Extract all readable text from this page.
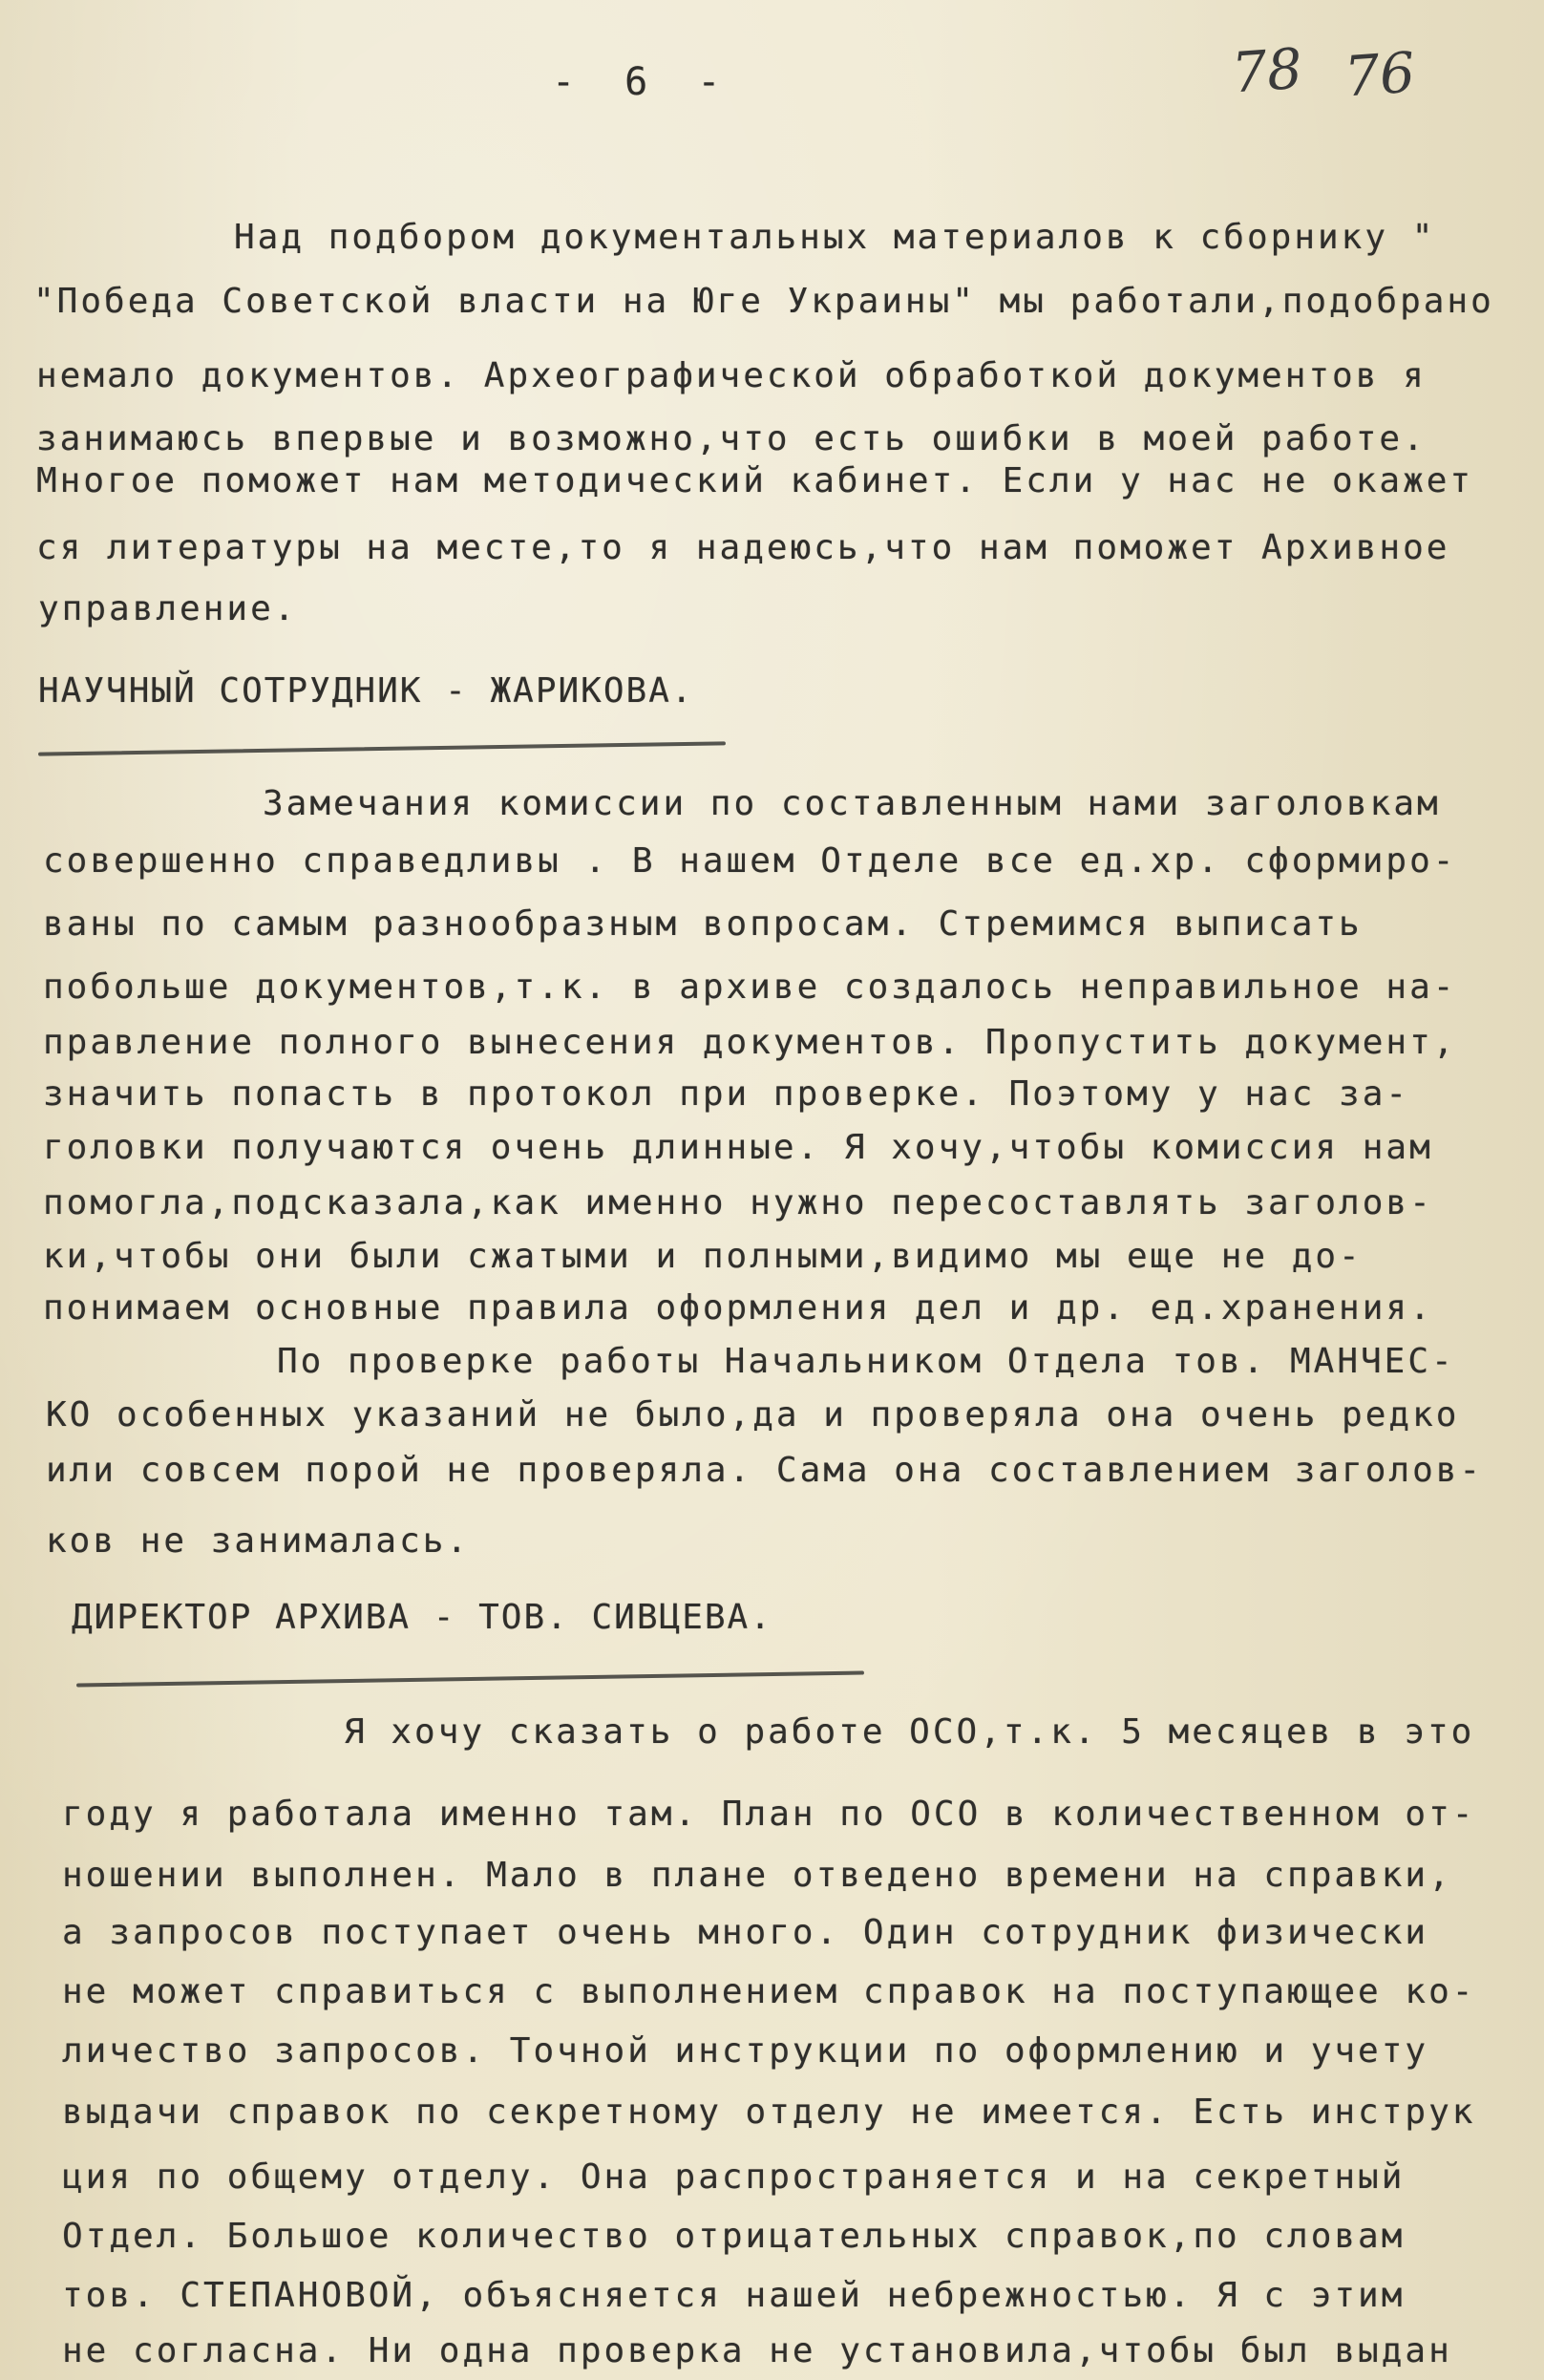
- 6 -	78 76
Над подбором документальных материалов к сборнику "
"Победа Советской власти на Юге Украины" мы работали,подобрано
немало документов. Археографической обработкой документов я
занимаюсь впервые и возможно,что есть ошибки в моей работе.
Многое поможет нам методический кабинет. Если у нас не окажет
ся литературы на месте,то я надеюсь,что нам поможет Архивное
управление.
НАУЧНЫЙ СОТРУДНИК - ЖАРИКОВА.
Замечания комиссии по составленным нами заголовкам
совершенно справедливы . В нашем Отделе все ед.хр. сформиро-
ваны по самым разнообразным вопросам. Стремимся выписать
побольше документов,т.к. в архиве создалось неправильное на-
правление полного вынесения документов. Пропустить документ,
значить попасть в протокол при проверке. Поэтому у нас за-
головки получаются очень длинные. Я хочу,чтобы комиссия нам
помогла,подсказала,как именно нужно пересоставлять заголов-
ки,чтобы они были сжатыми и полными,видимо мы еще не до-
понимаем основные правила оформления дел и др. ед.хранения.
По проверке работы Начальником Отдела тов. МАНЧЕС-
КО особенных указаний не было,да и проверяла она очень редко
или совсем порой не проверяла. Сама она составлением заголов-
ков не занималась.
ДИРЕКТОР АРХИВА - ТОВ. СИВЦЕВА.
Я хочу сказать о работе ОСО,т.к. 5 месяцев в это
году я работала именно там. План по ОСО в количественном от-
ношении выполнен. Мало в плане отведено времени на справки,
а запросов поступает очень много. Один сотрудник физически
не может справиться с выполнением справок на поступающее ко-
личество запросов. Точной инструкции по оформлению и учету
выдачи справок по секретному отделу не имеется. Есть инструк
ция по общему отделу. Она распространяется и на секретный
Отдел. Большое количество отрицательных справок,по словам
тов. СТЕПАНОВОЙ, объясняется нашей небрежностью. Я с этим
не согласна. Ни одна проверка не установила,чтобы был выдан
